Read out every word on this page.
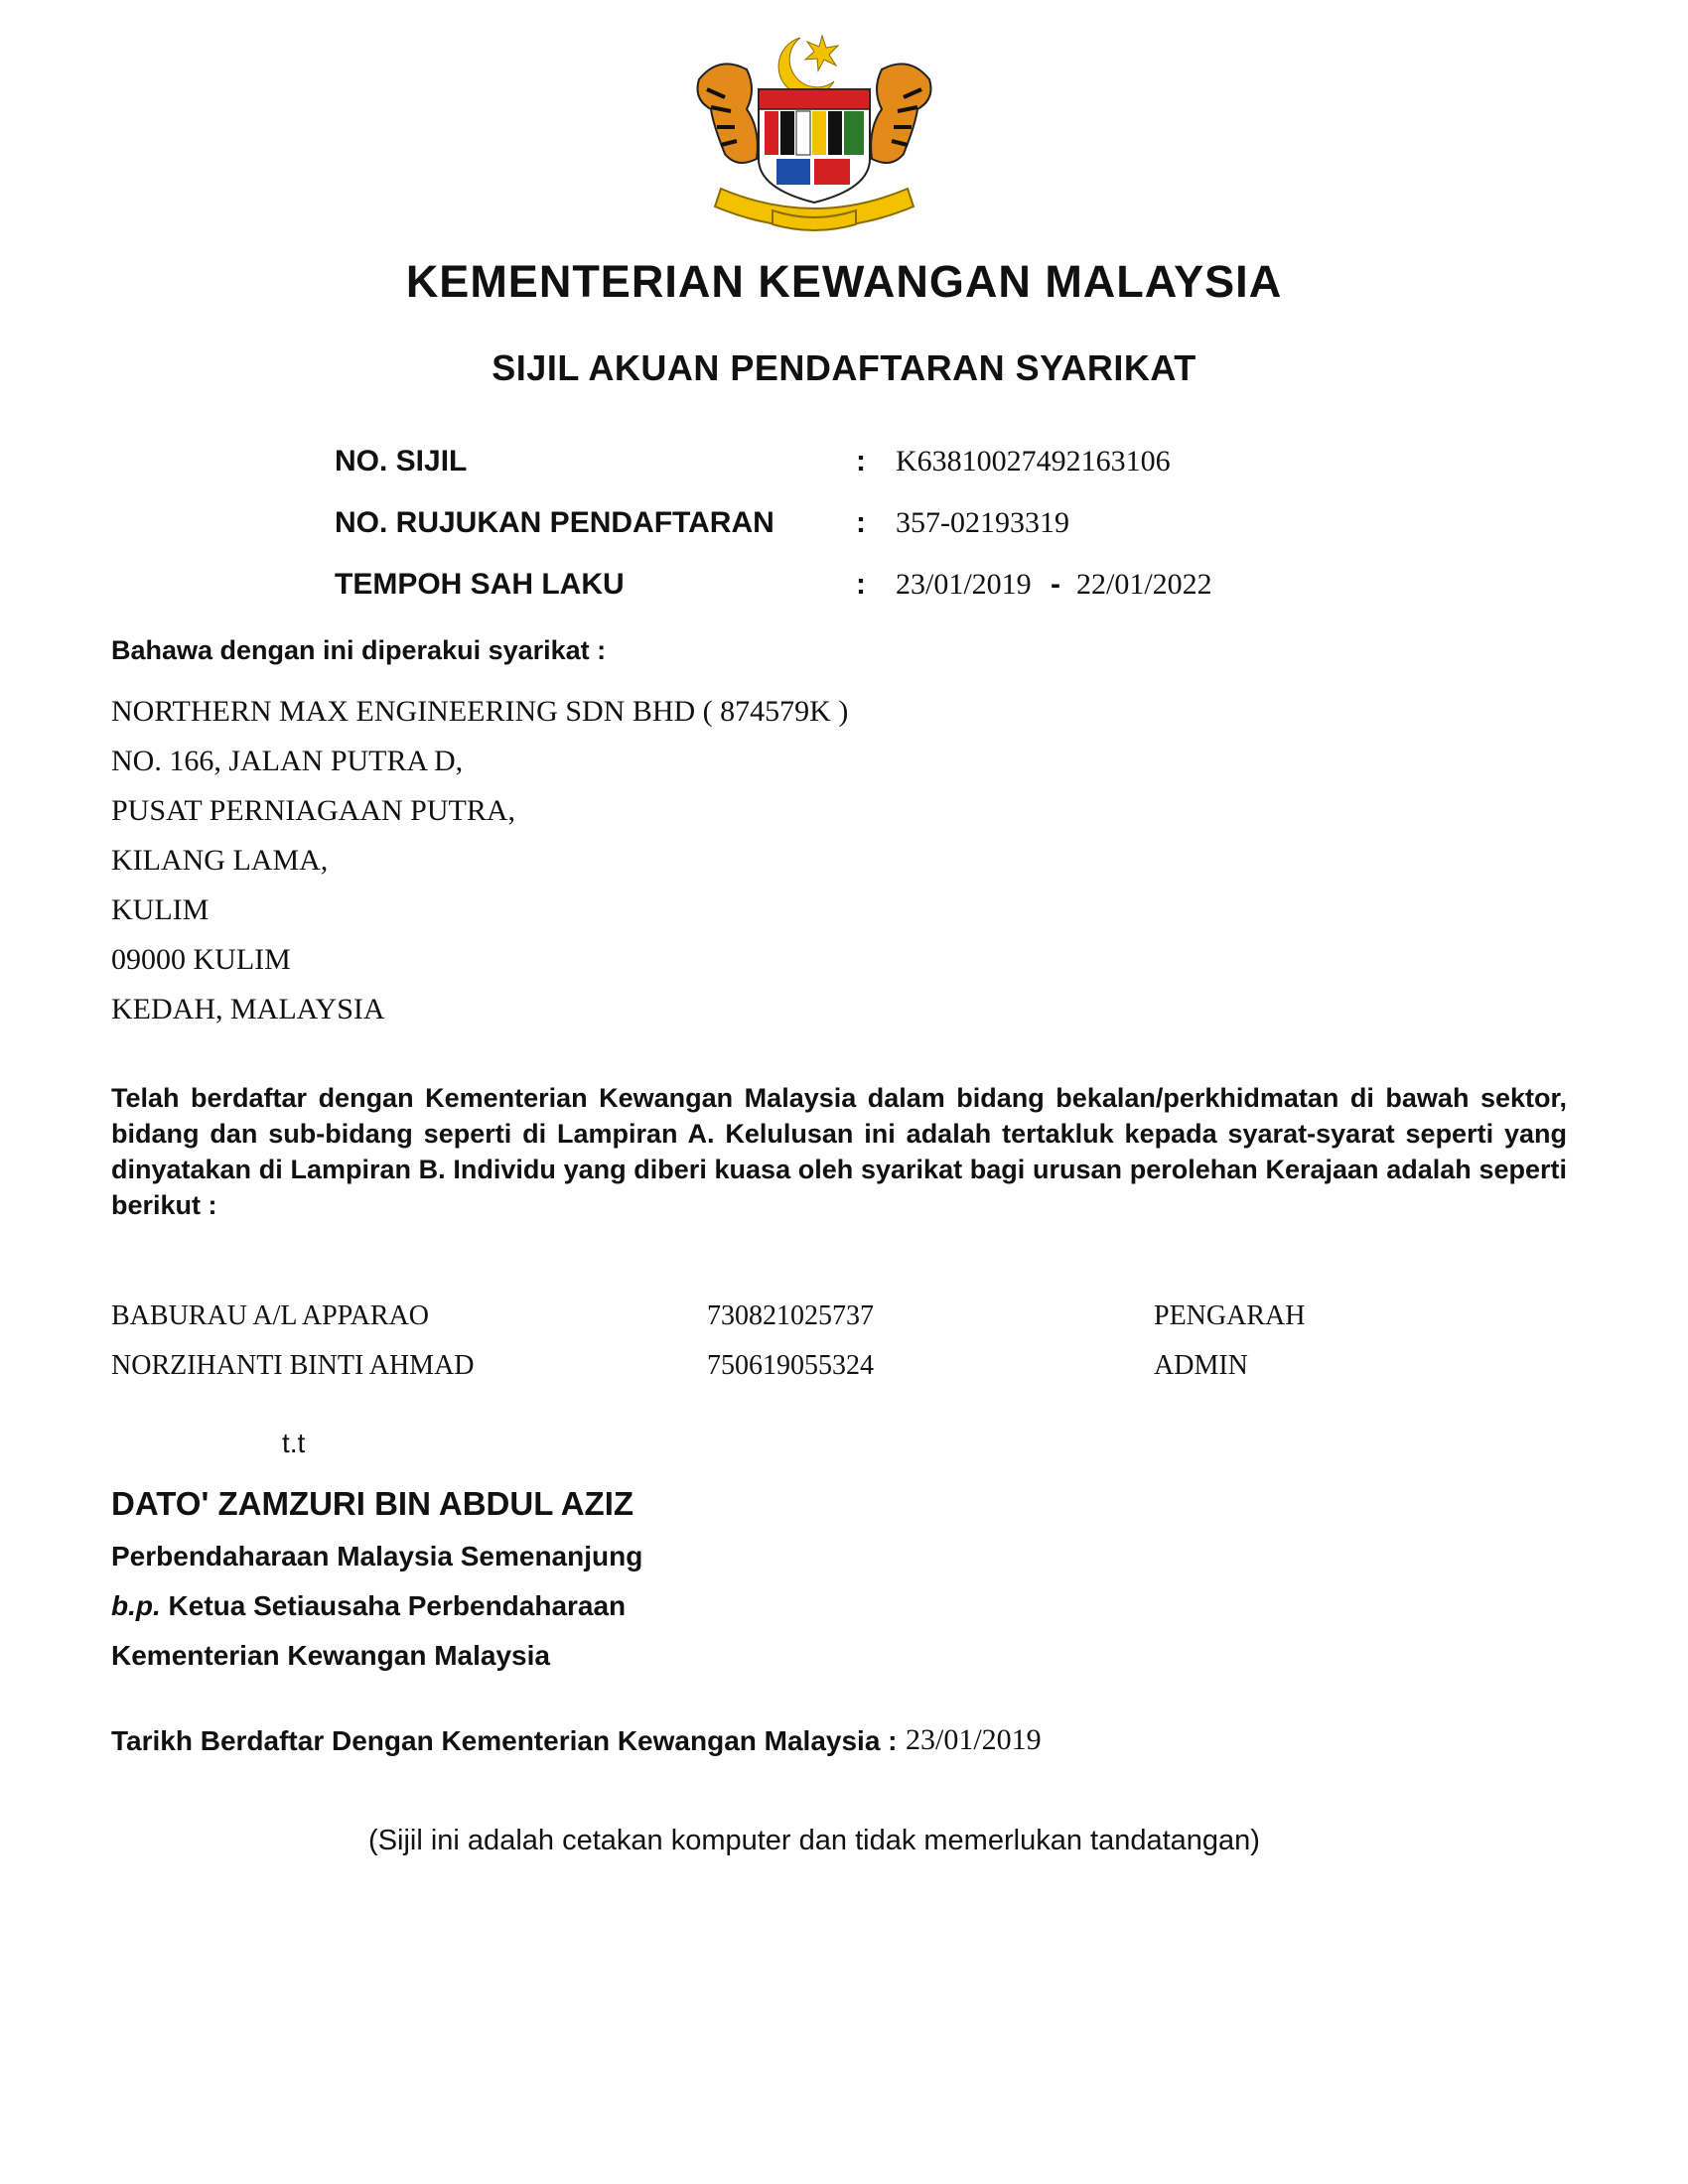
KEMENTERIAN KEWANGAN MALAYSIA
SIJIL AKUAN PENDAFTARAN SYARIKAT
NO. SIJIL	: K63810027492163106
NO. RUJUKAN PENDAFTARAN	: 357-02193319
TEMPOH SAH LAKU	: 23/01/2019 - 22/01/2022
Bahawa dengan ini diperakui syarikat :
NORTHERN MAX ENGINEERING SDN BHD ( 874579K )
NO. 166, JALAN PUTRA D,
PUSAT PERNIAGAAN PUTRA,
KILANG LAMA,
KULIM
09000 KULIM
KEDAH, MALAYSIA
Telah berdaftar dengan Kementerian Kewangan Malaysia dalam bidang bekalan/perkhidmatan di bawah sektor, bidang dan sub-bidang seperti di Lampiran A. Kelulusan ini adalah tertakluk kepada syarat-syarat seperti yang dinyatakan di Lampiran B. Individu yang diberi kuasa oleh syarikat bagi urusan perolehan Kerajaan adalah seperti berikut :
BABURAU A/L APPARAO	730821025737	PENGARAH
NORZIHANTI BINTI AHMAD	750619055324	ADMIN
t.t
DATO' ZAMZURI BIN ABDUL AZIZ
Perbendaharaan Malaysia Semenanjung
b.p. Ketua Setiausaha Perbendaharaan
Kementerian Kewangan Malaysia
Tarikh Berdaftar Dengan Kementerian Kewangan Malaysia : 23/01/2019
(Sijil ini adalah cetakan komputer dan tidak memerlukan tandatangan)
